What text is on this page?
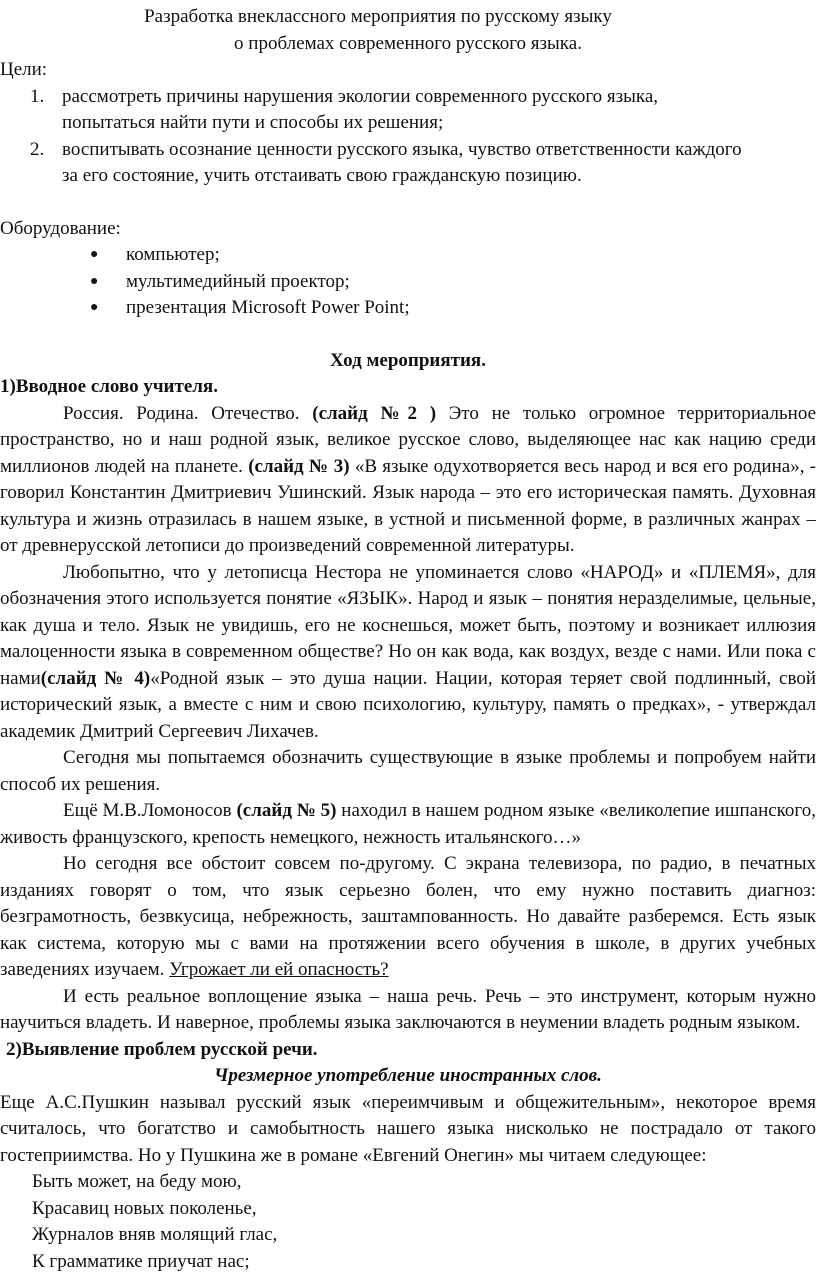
Разработка внеклассного мероприятия по русскому языку
о проблемах современного русского языка.
Цели:
1. рассмотреть причины нарушения экологии современного русского языка,
попытаться найти пути и способы их решения;
2. воспитывать осознание ценности русского языка, чувство ответственности каждого
за его состояние, учить отстаивать свою гражданскую позицию.
Оборудование:
● компьютер;
● мультимедийный проектор;
● презентация Microsoft Power Point;
Ход мероприятия.
1)Вводное слово учителя.

Россия. Родина. Отечество. (слайд №2 ) Это не только огромное территориальное пространство, но и наш родной язык, великое русское слово, выделяющее нас как нацию среди миллионов людей на планете. (слайд № 3) «В языке одухотворяется весь народ и вся его родина», - говорил Константин Дмитриевич Ушинский. Язык народа – это его историческая память. Духовная культура и жизнь отразилась в нашем языке, в устной и письменной форме, в различных жанрах – от древнерусской летописи до произведений современной литературы.

Любопытно, что у летописца Нестора не упоминается слово «НАРОД» и «ПЛЕМЯ», для обозначения этого используется понятие «ЯЗЫК». Народ и язык – понятия неразделимые, цельные, как душа и тело. Язык не увидишь, его не коснешься, может быть, поэтому и возникает иллюзия малоценности языка в современном обществе? Но он как вода, как воздух, везде с нами. Или пока с нами(слайд № 4)«Родной язык – это душа нации. Нации, которая теряет свой подлинный, свой исторический язык, а вместе с ним и свою психологию, культуру, память о предках», - утверждал академик Дмитрий Сергеевич Лихачев.

Сегодня мы попытаемся обозначить существующие в языке проблемы и попробуем найти способ их решения.

Ещё М.В.Ломоносов (слайд № 5) находил в нашем родном языке «великолепие ишпанского, живость французского, крепость немецкого, нежность итальянского…»

Но сегодня все обстоит совсем по-другому. С экрана телевизора, по радио, в печатных изданиях говорят о том, что язык серьезно болен, что ему нужно поставить диагноз: безграмотность, безвкусица, небрежность, заштампованность. Но давайте разберемся. Есть язык как система, которую мы с вами на протяжении всего обучения в школе, в других учебных заведениях изучаем. Угрожает ли ей опасность?

И есть реальное воплощение языка – наша речь. Речь – это инструмент, которым нужно научиться владеть. И наверное, проблемы языка заключаются в неумении владеть родным языком.

2)Выявление проблем русской речи.
Чрезмерное употребление иностранных слов.

Еще А.С.Пушкин называл русский язык «переимчивым и общежительным», некоторое время считалось, что богатство и самобытность нашего языка нисколько не пострадало от такого гостеприимства. Но у Пушкина же в романе «Евгений Онегин» мы читаем следующее:

Быть может, на беду мою,
Красавиц новых поколенье,
Журналов вняв молящий глас,
К грамматике приучат нас;
